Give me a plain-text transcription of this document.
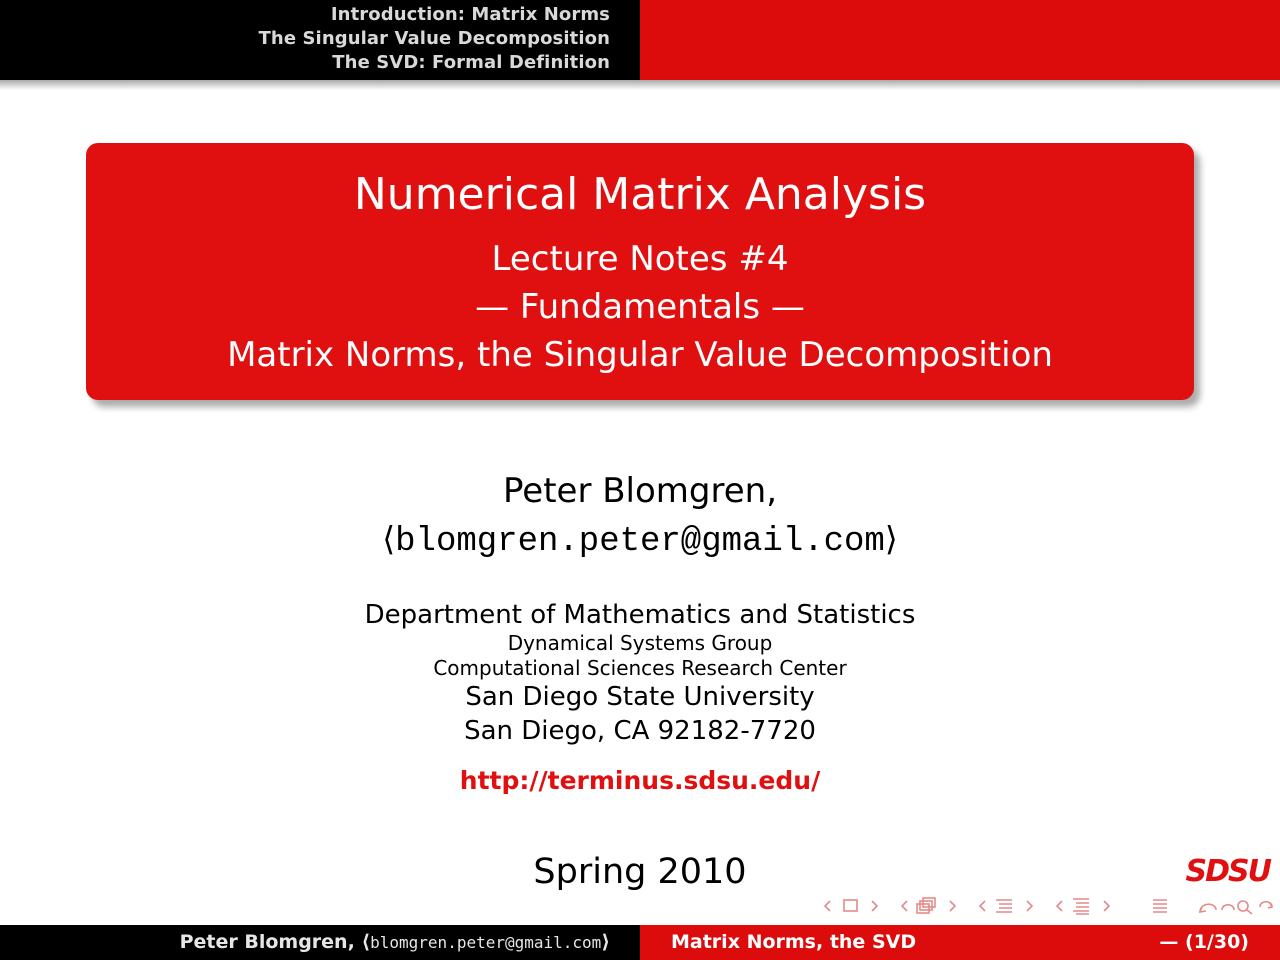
Introduction: Matrix Norms
The Singular Value Decomposition
The SVD: Formal Definition
Numerical Matrix Analysis
Lecture Notes #4
— Fundamentals —
Matrix Norms, the Singular Value Decomposition
Peter Blomgren,
⟨blomgren.peter@gmail.com⟩
Department of Mathematics and Statistics
Dynamical Systems Group
Computational Sciences Research Center
San Diego State University
San Diego, CA 92182-7720
http://terminus.sdsu.edu/
Spring 2010	SDSU
Peter Blomgren, ⟨blomgren.peter@gmail.com⟩	Matrix Norms, the SVD	— (1/30)
